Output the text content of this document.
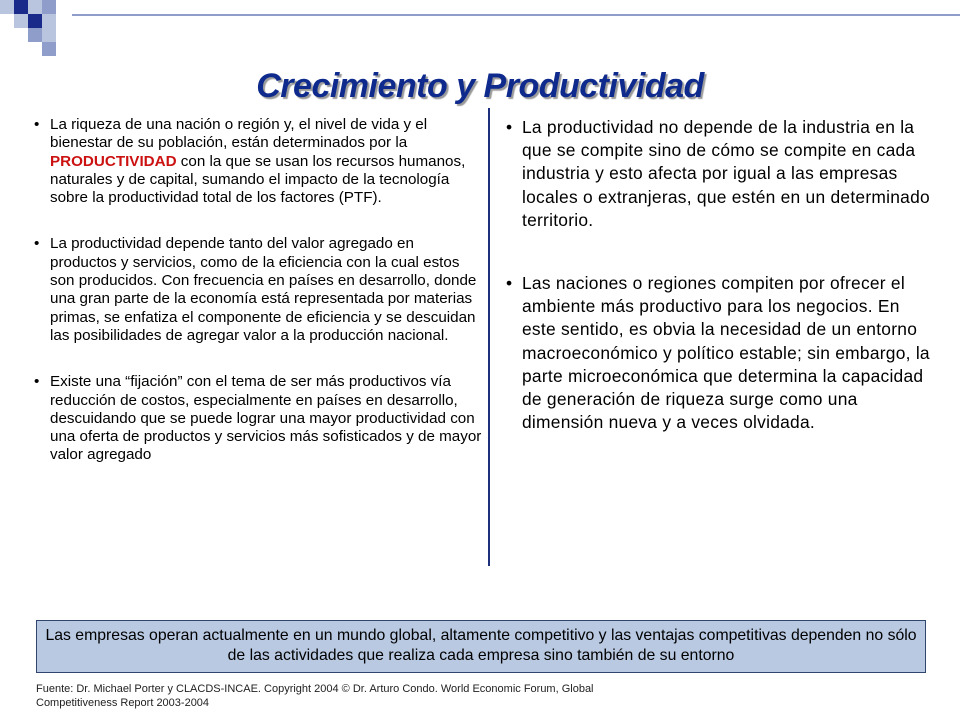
Crecimiento y Productividad

• La riqueza de una nación o región y, el nivel de vida y el bienestar de su población, están determinados por la PRODUCTIVIDAD con la que se usan los recursos humanos, naturales y de capital, sumando el impacto de la tecnología sobre la productividad total de los factores (PTF).

• La productividad depende tanto del valor agregado en productos y servicios, como de la eficiencia con la cual estos son producidos. Con frecuencia en países en desarrollo, donde una gran parte de la economía está representada por materias primas, se enfatiza el componente de eficiencia y se descuidan las posibilidades de agregar valor a la producción nacional.

• Existe una “fijación” con el tema de ser más productivos vía reducción de costos, especialmente en países en desarrollo, descuidando que se puede lograr una mayor productividad con una oferta de productos y servicios más sofisticados y de mayor valor agregado

• La productividad no depende de la industria en la que se compite sino de cómo se compite en cada industria y esto afecta por igual a las empresas locales o extranjeras, que estén en un determinado territorio.

• Las naciones o regiones compiten por ofrecer el ambiente más productivo para los negocios. En este sentido, es obvia la necesidad de un entorno macroeconómico y político estable; sin embargo, la parte microeconómica que determina la capacidad de generación de riqueza surge como una dimensión nueva y a veces olvidada.

Las empresas operan actualmente en un mundo global, altamente competitivo y las ventajas competitivas dependen no sólo de las actividades que realiza cada empresa sino también de su entorno
Fuente: Dr. Michael Porter y CLACDS-INCAE. Copyright 2004 © Dr. Arturo Condo. World Economic Forum, Global Competitiveness Report 2003-2004
